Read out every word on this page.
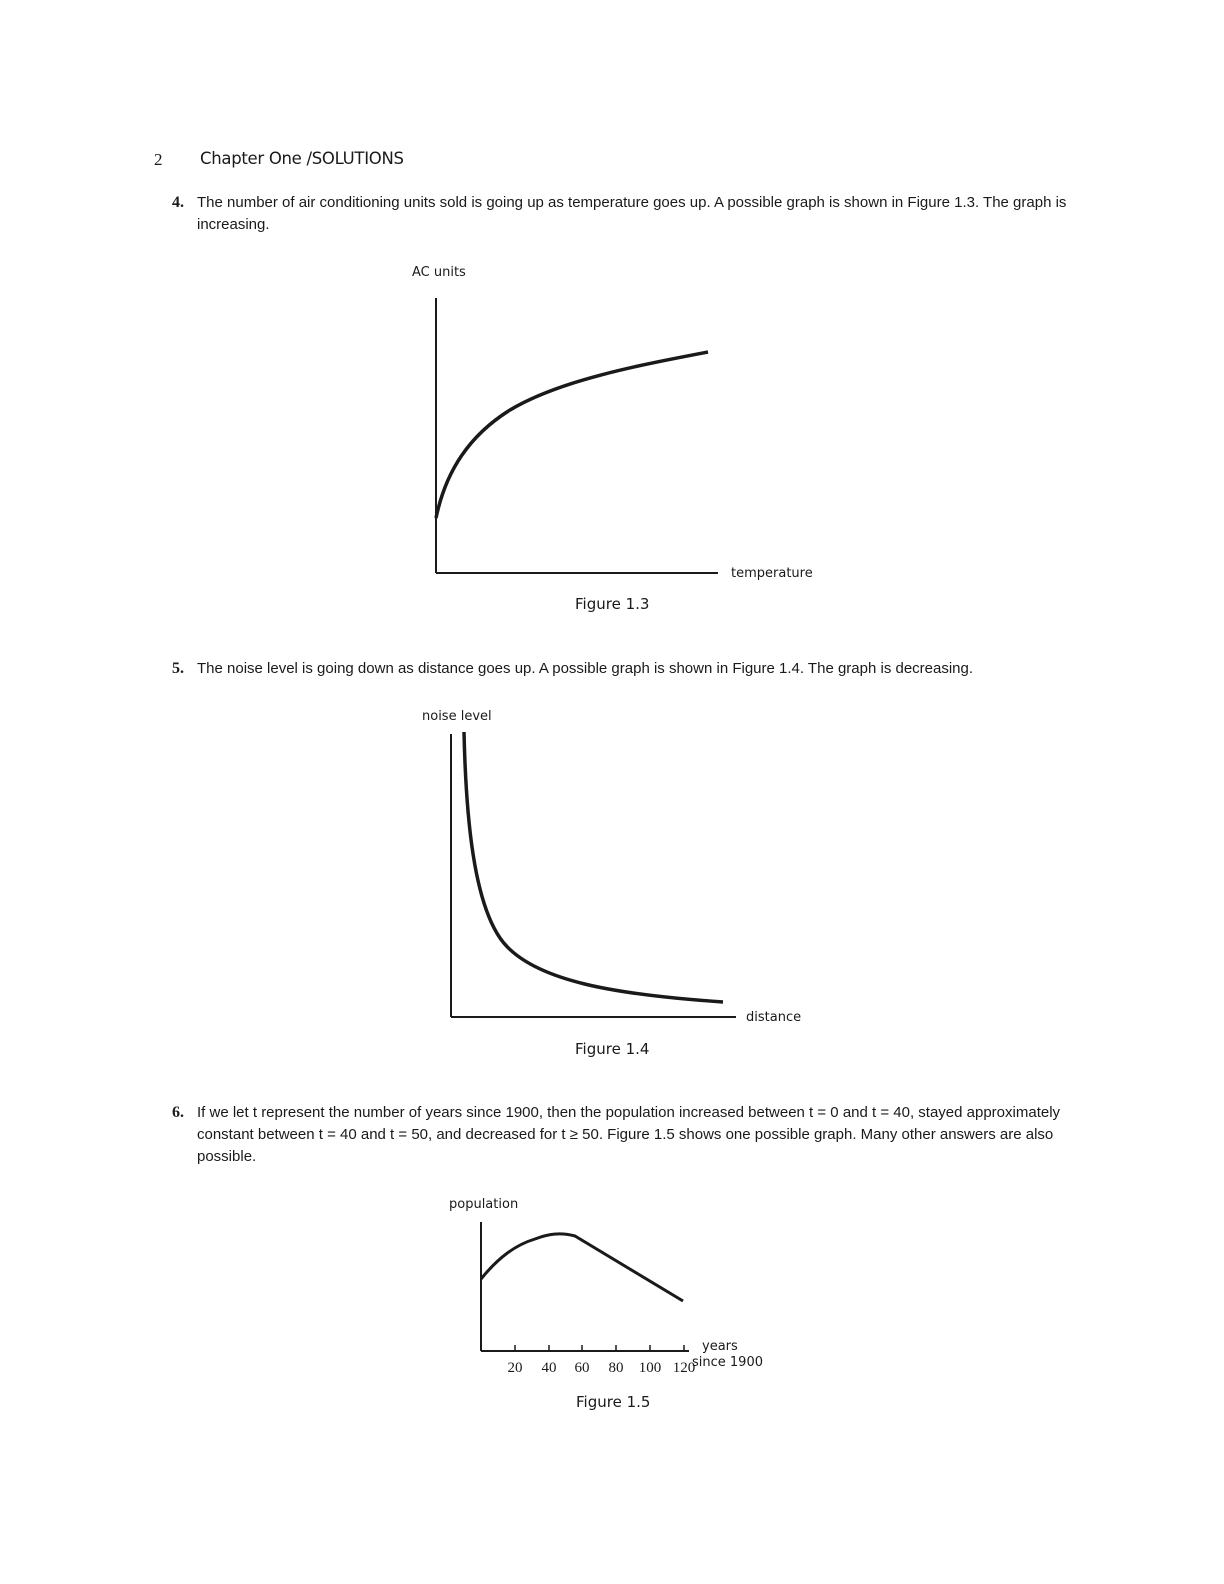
2 Chapter One /SOLUTIONS
4. The number of air conditioning units sold is going up as temperature goes up. A possible graph is shown in Figure 1.3. The graph is increasing.
AC units
temperature
Figure 1.3
5. The noise level is going down as distance goes up. A possible graph is shown in Figure 1.4. The graph is decreasing.
noise level
distance
Figure 1.4
6. If we let t represent the number of years since 1900, then the population increased between t = 0 and t = 40, stayed approximately constant between t = 40 and t = 50, and decreased for t ≥ 50. Figure 1.5 shows one possible graph. Many other answers are also possible.
population
20 40 60 80 100 120
years
since 1900
Figure 1.5
